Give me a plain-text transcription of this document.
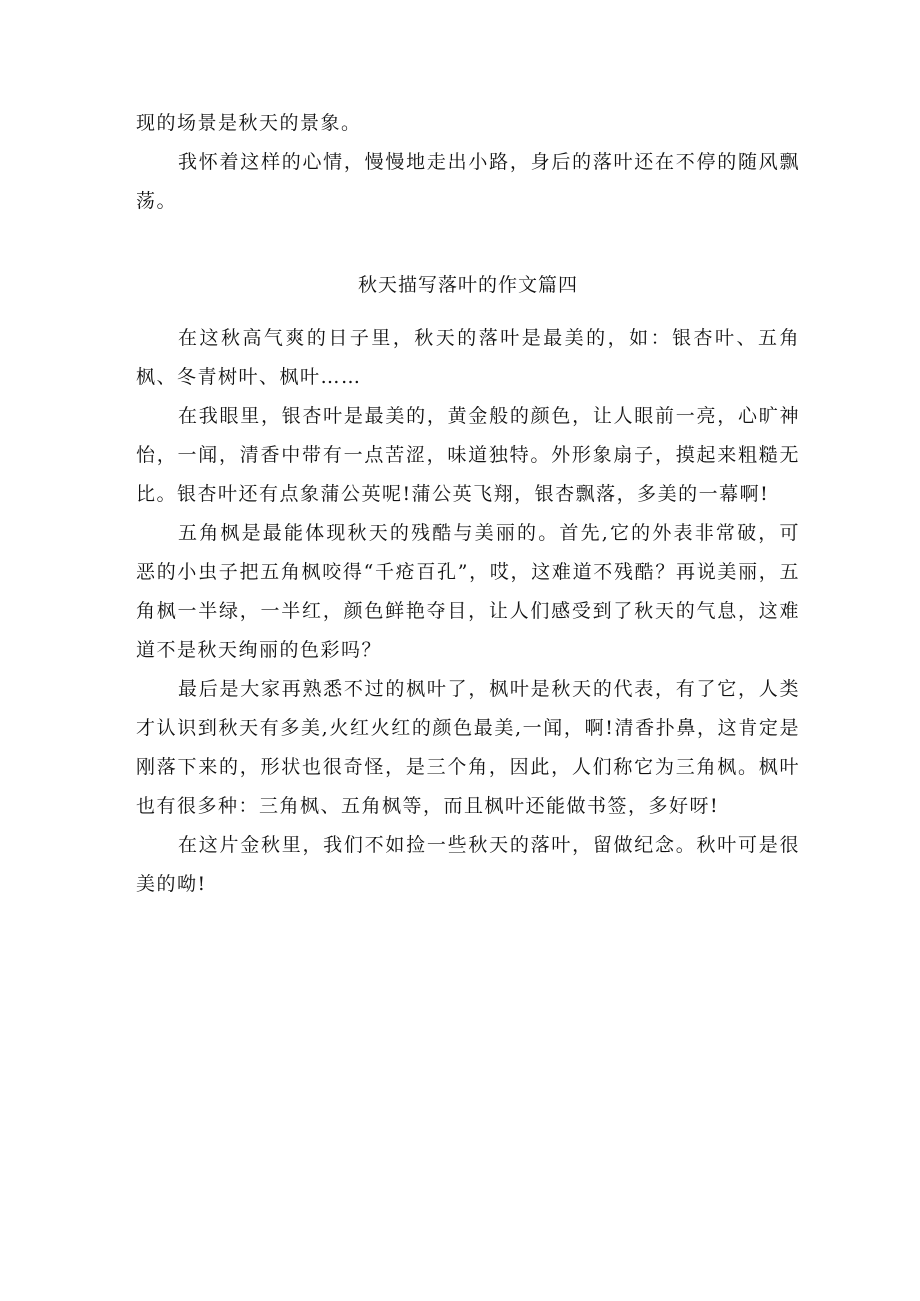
现的场景是秋天的景象。

我怀着这样的心情，慢慢地走出小路，身后的落叶还在不停的随风飘荡。

秋天描写落叶的作文篇四

在这秋高气爽的日子里，秋天的落叶是最美的，如：银杏叶、五角枫、冬青树叶、枫叶……

在我眼里，银杏叶是最美的，黄金般的颜色，让人眼前一亮，心旷神怡，一闻，清香中带有一点苦涩，味道独特。外形象扇子，摸起来粗糙无比。银杏叶还有点象蒲公英呢!蒲公英飞翔，银杏飘落，多美的一幕啊!

五角枫是最能体现秋天的残酷与美丽的。首先,它的外表非常破，可恶的小虫子把五角枫咬得“千疮百孔”，哎，这难道不残酷？再说美丽，五角枫一半绿，一半红，颜色鲜艳夺目，让人们感受到了秋天的气息，这难道不是秋天绚丽的色彩吗？

最后是大家再熟悉不过的枫叶了，枫叶是秋天的代表，有了它，人类才认识到秋天有多美,火红火红的颜色最美,一闻，啊!清香扑鼻，这肯定是刚落下来的，形状也很奇怪，是三个角，因此，人们称它为三角枫。枫叶也有很多种：三角枫、五角枫等，而且枫叶还能做书签，多好呀!

在这片金秋里，我们不如捡一些秋天的落叶，留做纪念。秋叶可是很美的呦!
